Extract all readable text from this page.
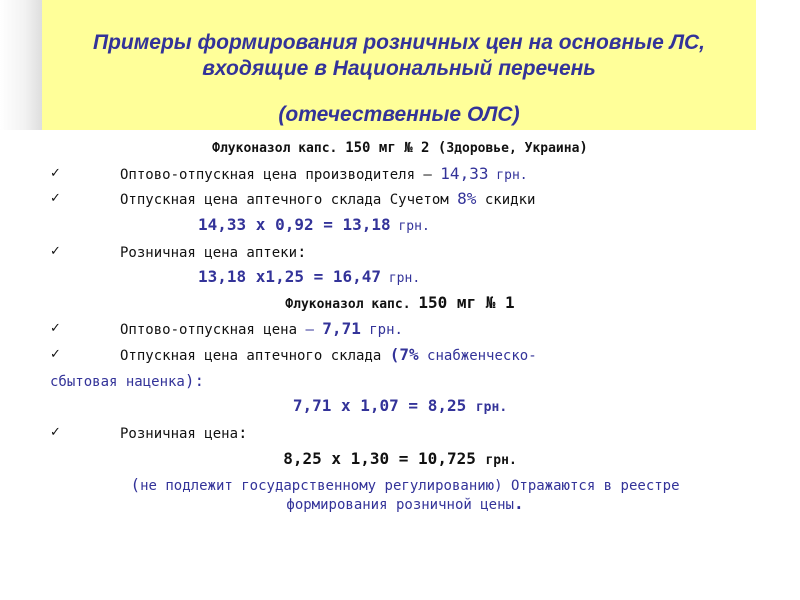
Примеры формирования розничных цен на основные ЛС,
входящие в Национальный перечень
(отечественные ОЛС)
Флуконазол капс. 150 мг № 2 (Здоровье, Украина)
✓	Оптово-отпускная цена производителя – 14,33 грн.
✓	Отпускная цена аптечного склада Сучетом 8% скидки
14,33 х 0,92 = 13,18 грн.
✓	Розничная цена аптеки:
13,18 х1,25 = 16,47 грн.
Флуконазол капс. 150 мг № 1
✓	Оптово-отпускная цена – 7,71 грн.
✓	Отпускная цена аптечного склада (7% снабженческо-
сбытовая наценка):
7,71 х 1,07 = 8,25 грн.
✓	Розничная цена:
8,25 х 1,30 = 10,725 грн.
(не подлежит государственному регулированию) Отражаются в реестре
формирования розничной цены.
